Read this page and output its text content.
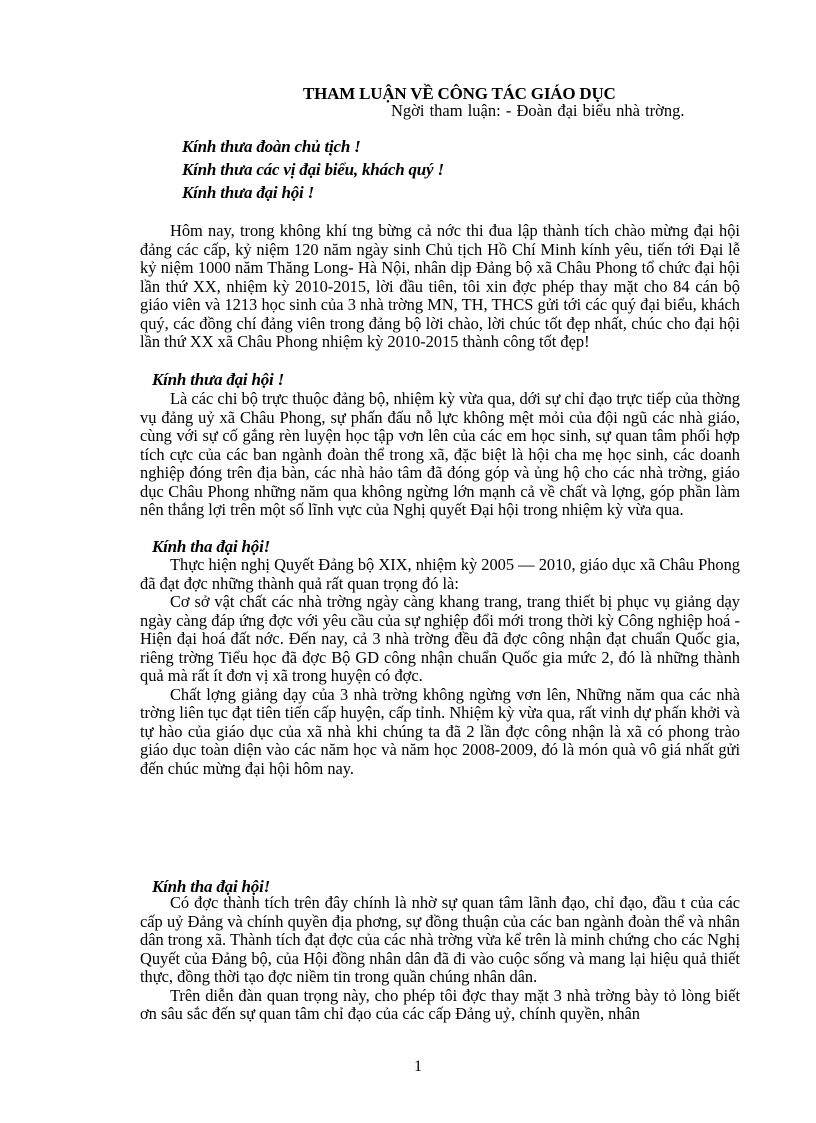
THAM LUẬN VỀ CÔNG TÁC GIÁO DỤC
Ngời tham luận: - Đoàn đại biểu nhà trờng.
Kính thưa đoàn chủ tịch !
Kính thưa các vị đại biểu, khách quý !
Kính thưa đại hội !

Hôm nay, trong không khí tng bừng cả nớc thi đua lập thành tích chào mừng đại hội đảng các cấp, kỷ niệm 120 năm ngày sinh Chủ tịch Hồ Chí Minh kính yêu, tiến tới Đại lễ kỷ niệm 1000 năm Thăng Long- Hà Nội, nhân dịp Đảng bộ xã Châu Phong tổ chức đại hội lần thứ XX, nhiệm kỳ 2010-2015, lời đầu tiên, tôi xin đợc phép thay mặt cho 84 cán bộ giáo viên và 1213 học sinh của 3 nhà trờng MN, TH, THCS gửi tới các quý đại biểu, khách quý, các đồng chí đảng viên trong đảng bộ lời chào, lời chúc tốt đẹp nhất, chúc cho đại hội lần thứ XX xã Châu Phong nhiệm kỳ 2010-2015 thành công tốt đẹp!

Kính thưa đại hội !

Là các chi bộ trực thuộc đảng bộ, nhiệm kỳ vừa qua, dới sự chỉ đạo trực tiếp của thờng vụ đảng uỷ xã Châu Phong, sự phấn đấu nỗ lực không mệt mỏi của đội ngũ các nhà giáo, cùng với sự cố gắng rèn luyện học tập vơn lên của các em học sinh, sự quan tâm phối hợp tích cực của các ban ngành đoàn thể trong xã, đặc biệt là hội cha mẹ học sinh, các doanh nghiệp đóng trên địa bàn, các nhà hảo tâm đã đóng góp và ủng hộ cho các nhà trờng, giáo dục Châu Phong những năm qua không ngừng lớn mạnh cả về chất và lợng, góp phần làm nên thắng lợi trên một số lĩnh vực của Nghị quyết Đại hội trong nhiệm kỳ vừa qua.

Kính tha đại hội!

Thực hiện nghị Quyết Đảng bộ XIX, nhiệm kỳ 2005 — 2010, giáo dục xã Châu Phong đã đạt đợc những thành quả rất quan trọng đó là:

Cơ sở vật chất các nhà trờng ngày càng khang trang, trang thiết bị phục vụ giảng dạy ngày càng đáp ứng đợc với yêu cầu của sự nghiệp đổi mới trong thời kỳ Công nghiệp hoá - Hiện đại hoá đất nớc. Đến nay, cả 3 nhà trờng đều đã đợc công nhận đạt chuẩn Quốc gia, riêng trờng Tiểu học đã đợc Bộ GD công nhận chuẩn Quốc gia mức 2, đó là những thành quả mà rất ít đơn vị xã trong huyện có đợc.

Chất lợng giảng dạy của 3 nhà trờng không ngừng vơn lên, Những năm qua các nhà trờng liên tục đạt tiên tiến cấp huyện, cấp tỉnh. Nhiệm kỳ vừa qua, rất vinh dự phấn khởi và tự hào của giáo dục của xã nhà khi chúng ta đã 2 lần đợc công nhận là xã có phong trào giáo dục toàn diện vào các năm học và năm học 2008-2009, đó là món quà vô giá nhất gửi đến chúc mừng đại hội hôm nay.

Kính tha đại hội!

Có đợc thành tích trên đây chính là nhờ sự quan tâm lãnh đạo, chỉ đạo, đầu t của các cấp uỷ Đảng và chính quyền địa phơng, sự đồng thuận của các ban ngành đoàn thể và nhân dân trong xã. Thành tích đạt đợc của các nhà trờng vừa kể trên là minh chứng cho các Nghị Quyết của Đảng bộ, của Hội đồng nhân dân đã đi vào cuộc sống và mang lại hiệu quả thiết thực, đồng thời tạo đợc niềm tin trong quần chúng nhân dân.

Trên diễn đàn quan trọng này, cho phép tôi đợc thay mặt 3 nhà trờng bày tỏ lòng biết ơn sâu sắc đến sự quan tâm chỉ đạo của các cấp Đảng uỷ, chính quyền, nhân

1
